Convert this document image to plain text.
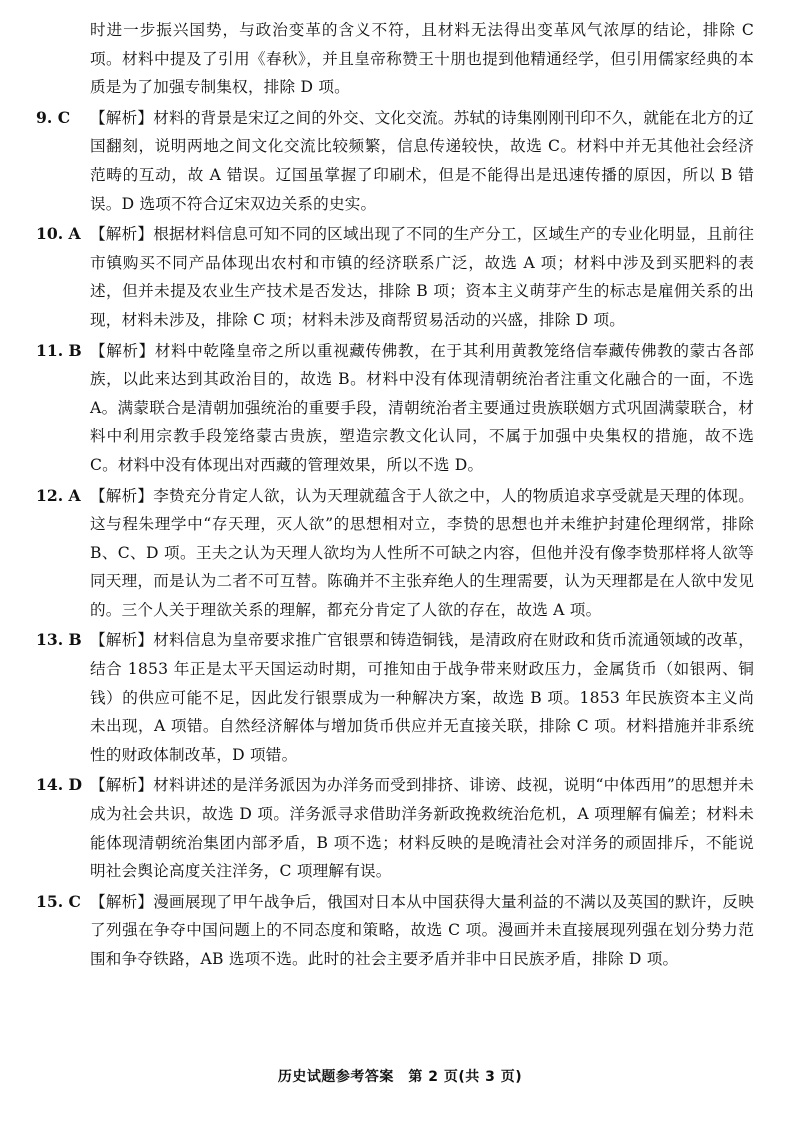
时进一步振兴国势，与政治变革的含义不符，且材料无法得出变革风气浓厚的结论，排除 C 项。材料中提及了引用《春秋》，并且皇帝称赞王十朋也提到他精通经学，但引用儒家经典的本质是为了加强专制集权，排除 D 项。
9. C	【解析】材料的背景是宋辽之间的外交、文化交流。苏轼的诗集刚刚刊印不久，就能在北方的辽国翻刻，说明两地之间文化交流比较频繁，信息传递较快，故选 C。材料中并无其他社会经济范畴的互动，故 A 错误。辽国虽掌握了印刷术，但是不能得出是迅速传播的原因，所以 B 错误。D 选项不符合辽宋双边关系的史实。
10. A 【解析】根据材料信息可知不同的区域出现了不同的生产分工，区域生产的专业化明显，且前往市镇购买不同产品体现出农村和市镇的经济联系广泛，故选 A 项；材料中涉及到买肥料的表述，但并未提及农业生产技术是否发达，排除 B 项；资本主义萌芽产生的标志是雇佣关系的出现，材料未涉及，排除 C 项；材料未涉及商帮贸易活动的兴盛，排除 D 项。
11. B 【解析】材料中乾隆皇帝之所以重视藏传佛教，在于其利用黄教笼络信奉藏传佛教的蒙古各部族，以此来达到其政治目的，故选 B。材料中没有体现清朝统治者注重文化融合的一面，不选 A。满蒙联合是清朝加强统治的重要手段，清朝统治者主要通过贵族联姻方式巩固满蒙联合，材料中利用宗教手段笼络蒙古贵族，塑造宗教文化认同，不属于加强中央集权的措施，故不选 C。材料中没有体现出对西藏的管理效果，所以不选 D。
12. A 【解析】李贽充分肯定人欲，认为天理就蕴含于人欲之中，人的物质追求享受就是天理的体现。这与程朱理学中“存天理，灭人欲”的思想相对立，李贽的思想也并未维护封建伦理纲常，排除 B、C、D 项。王夫之认为天理人欲均为人性所不可缺之内容，但他并没有像李贽那样将人欲等同天理，而是认为二者不可互替。陈确并不主张弃绝人的生理需要，认为天理都是在人欲中发见的。三个人关于理欲关系的理解，都充分肯定了人欲的存在，故选 A 项。
13. B 【解析】材料信息为皇帝要求推广官银票和铸造铜钱，是清政府在财政和货币流通领域的改革，结合 1853 年正是太平天国运动时期，可推知由于战争带来财政压力，金属货币（如银两、铜钱）的供应可能不足，因此发行银票成为一种解决方案，故选 B 项。1853 年民族资本主义尚未出现，A 项错。自然经济解体与增加货币供应并无直接关联，排除 C 项。材料措施并非系统性的财政体制改革，D 项错。
14. D 【解析】材料讲述的是洋务派因为办洋务而受到排挤、诽谤、歧视，说明“中体西用”的思想并未成为社会共识，故选 D 项。洋务派寻求借助洋务新政挽救统治危机，A 项理解有偏差；材料未能体现清朝统治集团内部矛盾，B 项不选；材料反映的是晚清社会对洋务的顽固排斥，不能说明社会舆论高度关注洋务，C 项理解有误。
15. C 【解析】漫画展现了甲午战争后，俄国对日本从中国获得大量利益的不满以及英国的默许，反映了列强在争夺中国问题上的不同态度和策略，故选 C 项。漫画并未直接展现列强在划分势力范围和争夺铁路，AB 选项不选。此时的社会主要矛盾并非中日民族矛盾，排除 D 项。
历史试题参考答案　第 2 页(共 3 页)
